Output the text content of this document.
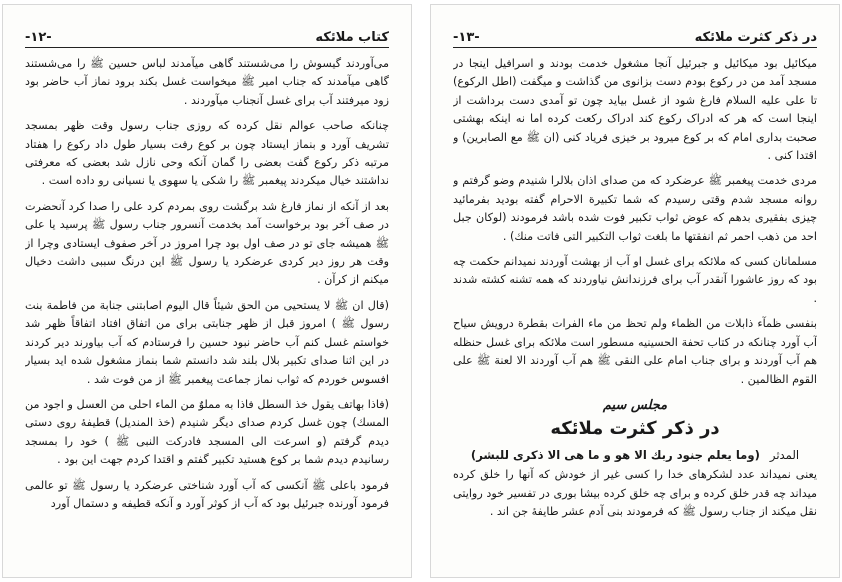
کتاب ملائکه
-۱۲-

می‌آوردند گیسوش را می‌شستند گاهی میآمدند لباس حسین ﷺ را می‌شستند گاهی میآمدند که جناب امیر ﷺ میخواست غسل بکند برود نماز آب حاضر بود زود میرفتند آب برای غسل آنجناب میآوردند .

چنانکه صاحب عوالم نقل کرده که روزی جناب رسول وقت ظهر بمسجد تشریف آورد و بنماز ایستاد چون بر کوع رفت بسیار طول داد رکوع را هفتاد مرتبه ذکر رکوع گفت بعضی را گمان آنکه وحی نازل شد بعضی که معرفتی نداشتند خیال میکردند پیغمبر ﷺ را شکی یا سهوی یا نسیانی رو داده است .

بعد از آنکه از نماز فارغ شد برگشت روی بمردم کرد علی را صدا کرد آنحضرت در صف آخر بود برخواست آمد بخدمت آنسرور جناب رسول ﷺ پرسید یا علی ﷺ همیشه جای تو در صف اول بود چرا امروز در آخر صفوف ایستادی وچرا از وقت هر روز دیر کردی عرضکرد یا رسول ﷺ این درنگ سببی داشت دخیال میکنم از کرآن .

(قال ان ﷺ لا یستحیی من الحق شیئاً قال الیوم اصابتنی جنابة من فاطمة بنت رسول ﷺ ) امروز قبل از ظهر جنابتی برای من اتفاق افتاد اتفاقاً ظهر شد خواستم غسل کنم آب حاضر نبود حسین را فرستادم که آب بیاورند دیر کردند در این اثنا صدای تکبیر بلال بلند شد دانستم شما بنماز مشغول شده اید بسیار افسوس خوردم که ثواب نماز جماعت پیغمبر ﷺ از من فوت شد .

(فاذا بهاتف یقول خذ السطل فاذا به مملوٌ من الماء احلی من العسل و اجود من المسك) چون غسل کردم صدای دیگر شنیدم (خذ المندیل) قطیفهٔ روی دستی دیدم گرفتم (و اسرعت الی المسجد فادرکت النبی ﷺ ) خود را بمسجد رسانیدم دیدم شما بر کوع هستید تکبیر گفتم و اقتدا کردم جهت این بود .

فرمود باعلی ﷺ آنکسی که آب آورد شناختی عرضکرد یا رسول ﷺ تو عالمی فرمود آورنده جبرئیل بود که آب از کوثر آورد و آنکه قطیفه و دستمال آورد

در ذکر کثرت ملائکه
-۱۳-

میکائیل بود میکائیل و جبرئیل آنجا مشغول خدمت بودند و اسرافیل اینجا در مسجد آمد من در رکوع بودم دست بزانوی من گذاشت و میگفت (اطل الرکوع) تا علی علیه السلام فارغ شود از غسل بیاید چون تو آمدی دست برداشت از اینجا است که هر که ادراک رکوع کند ادراک رکعت کرده اما نه اینکه بهشتی صحبت بداری امام که بر کوع میرود بر خیزی فریاد کنی (ان ﷺ مع الصابرین) و اقتدا کنی .

مردی خدمت پیغمبر ﷺ عرضکرد که من صدای اذان بلالرا شنیدم وضو گرفتم و روانه مسجد شدم وقتی رسیدم که شما تکبیرة الاحرام گفته بودید بفرمائید چیزی بفقیری بدهم که عوض ثواب تکبیر فوت شده باشد فرمودند (لوکان جبل احد من ذهب احمر ثم انفقتها ما بلغت ثواب التکبیر التی فاتت منك) .

مسلمانان کسی که ملائکه برای غسل او آب از بهشت آوردند نمیدانم حکمت چه بود که روز عاشورا آنقدر آب برای فرزندانش نیاوردند که همه تشنه کشته شدند .

بنفسی ظمآء ذابلات من الظماء ولم تحظ من ماء الفرات بقطرة درویش سیاح آب آورد چنانکه در کتاب تحفة الحسینیه مسطور است ملائکه برای غسل حنظله هم آب آوردند و برای جناب امام علی النقی ﷺ هم آب آوردند الا لعنة ﷺ علی القوم الظالمین .

مجلس سیم
در ذکر کثرت ملائکه
المدثر (وما یعلم جنود ربك الا هو و ما هی الا ذکری للبشر)

یعنی نمیداند عدد لشکرهای خدا را کسی غیر از خودش که آنها را خلق کرده میداند چه قدر خلق کرده و برای چه خلق کرده بیشا بوری در تفسیر خود روایتی نقل میکند از جناب رسول ﷺ که فرمودند بنی آدم عشر طایفهٔ جن اند .
